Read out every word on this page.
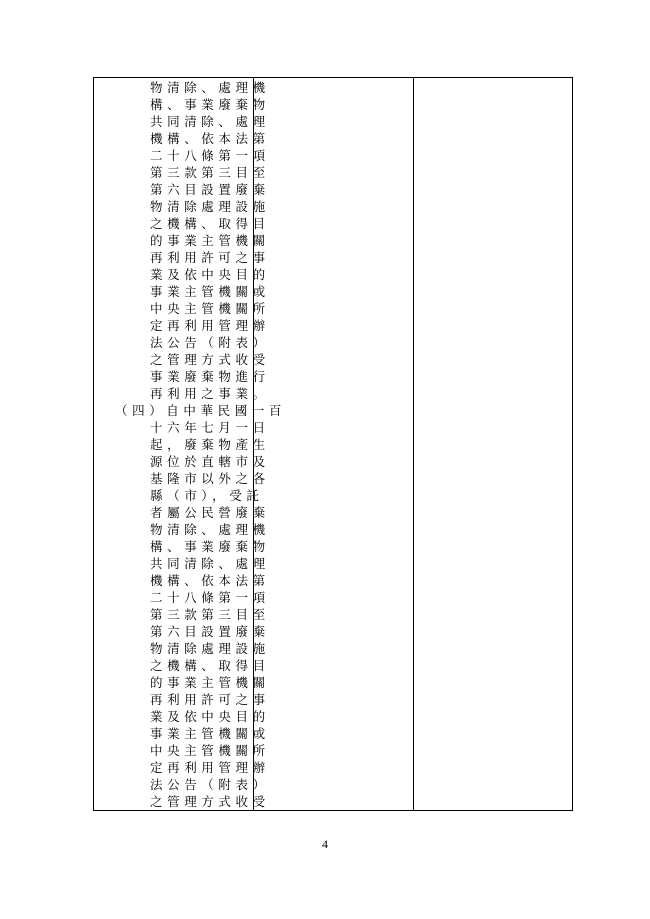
物清除、處理機
構、事業廢棄物
共同清除、處理
機構、依本法第
二十八條第一項
第三款第三目至
第六目設置廢棄
物清除處理設施
之機構、取得目
的事業主管機關
再利用許可之事
業及依中央目的
事業主管機關或
中央主管機關所
定再利用管理辦
法公告（附表）
之管理方式收受
事業廢棄物進行
再利用之事業。
（四）自中華民國一百
十六年七月一日
起，廢棄物產生
源位於直轄市及
基隆市以外之各
縣（市），受託
者屬公民營廢棄
物清除、處理機
構、事業廢棄物
共同清除、處理
機構、依本法第
二十八條第一項
第三款第三目至
第六目設置廢棄
物清除處理設施
之機構、取得目
的事業主管機關
再利用許可之事
業及依中央目的
事業主管機關或
中央主管機關所
定再利用管理辦
法公告（附表）
之管理方式收受
4
